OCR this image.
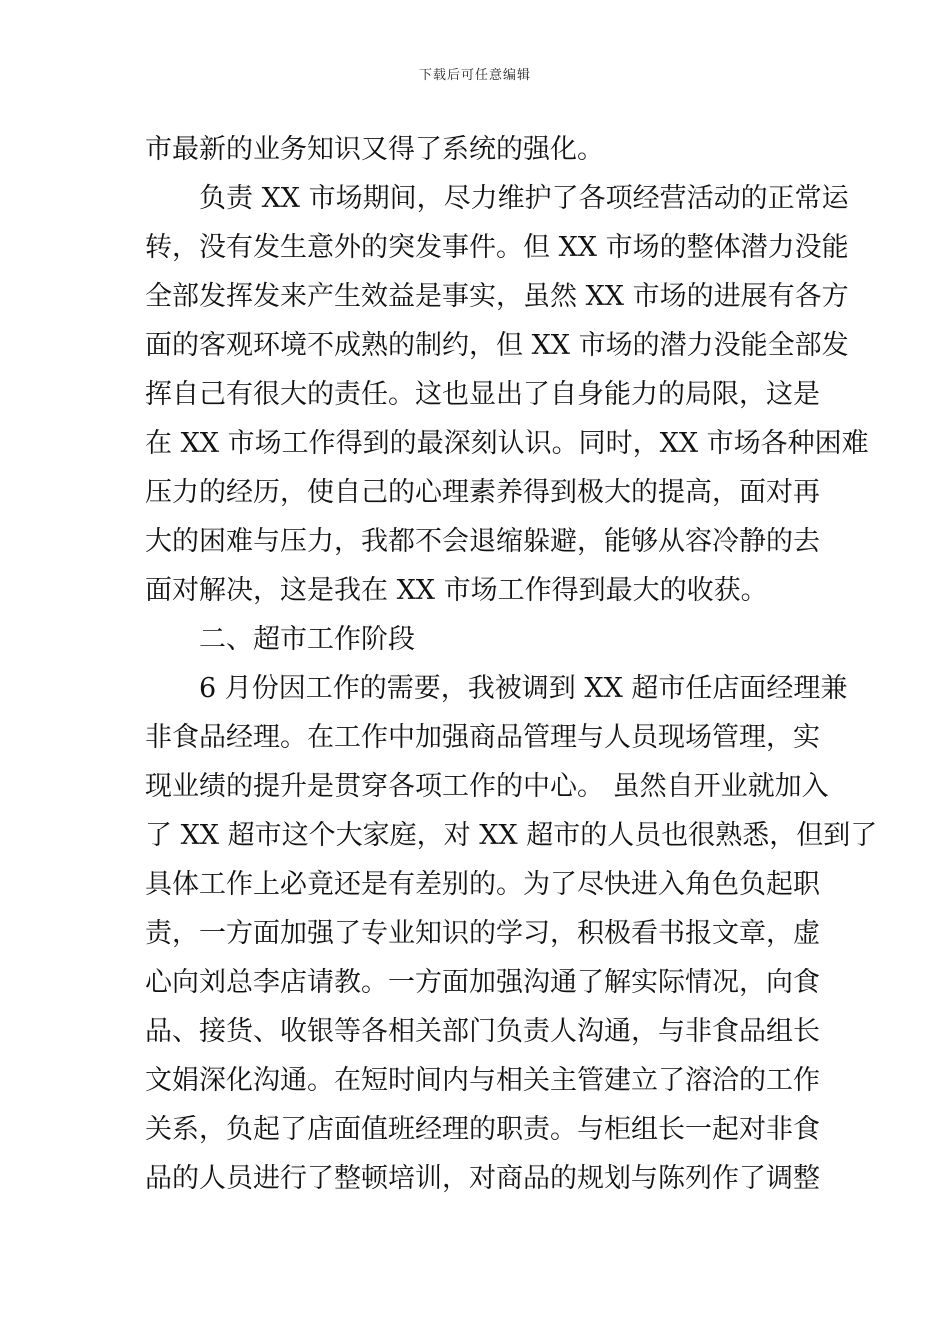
下载后可任意编辑
市最新的业务知识又得了系统的强化。
负责 XX 市场期间，尽力维护了各项经营活动的正常运
转，没有发生意外的突发事件。但 XX 市场的整体潜力没能
全部发挥发来产生效益是事实，虽然 XX 市场的进展有各方
面的客观环境不成熟的制约，但 XX 市场的潜力没能全部发
挥自己有很大的责任。这也显出了自身能力的局限，这是
在 XX 市场工作得到的最深刻认识。同时，XX 市场各种困难
压力的经历，使自己的心理素养得到极大的提高，面对再
大的困难与压力，我都不会退缩躲避，能够从容冷静的去
面对解决，这是我在 XX 市场工作得到最大的收获。
二、超市工作阶段
6 月份因工作的需要，我被调到 XX 超市任店面经理兼
非食品经理。在工作中加强商品管理与人员现场管理，实
现业绩的提升是贯穿各项工作的中心。 虽然自开业就加入
了 XX 超市这个大家庭，对 XX 超市的人员也很熟悉，但到了
具体工作上必竟还是有差别的。为了尽快进入角色负起职
责，一方面加强了专业知识的学习，积极看书报文章，虚
心向刘总李店请教。一方面加强沟通了解实际情况，向食
品、接货、收银等各相关部门负责人沟通，与非食品组长
文娟深化沟通。在短时间内与相关主管建立了溶洽的工作
关系，负起了店面值班经理的职责。与柜组长一起对非食
品的人员进行了整顿培训，对商品的规划与陈列作了调整
